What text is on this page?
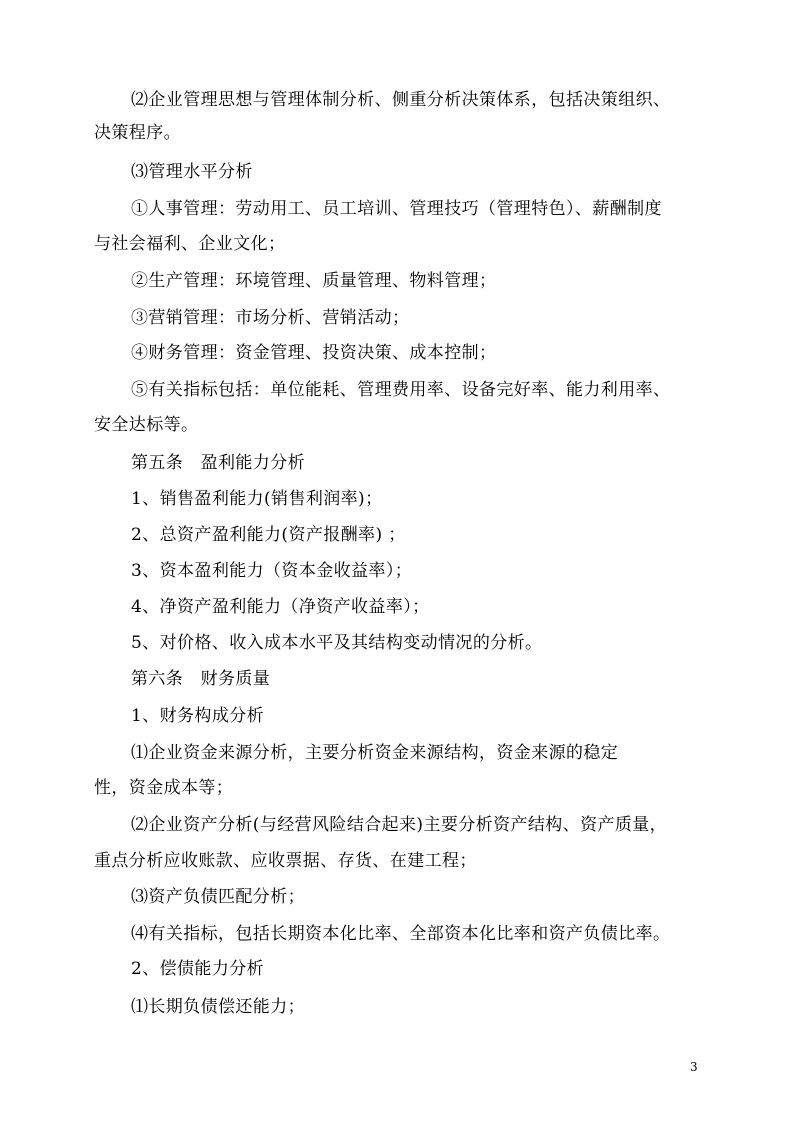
⑵企业管理思想与管理体制分析、侧重分析决策体系，包括决策组织、
决策程序。
⑶管理水平分析
①人事管理：劳动用工、员工培训、管理技巧（管理特色）、薪酬制度
与社会福利、企业文化；
②生产管理：环境管理、质量管理、物料管理；
③营销管理：市场分析、营销活动；
④财务管理：资金管理、投资决策、成本控制；
⑤有关指标包括：单位能耗、管理费用率、设备完好率、能力利用率、
安全达标等。
第五条　盈利能力分析
1、销售盈利能力(销售利润率)；
2、总资产盈利能力(资产报酬率) ；
3、资本盈利能力（资本金收益率）；
4、净资产盈利能力（净资产收益率）；
5、对价格、收入成本水平及其结构变动情况的分析。
第六条　财务质量
1、财务构成分析
⑴企业资金来源分析，主要分析资金来源结构，资金来源的稳定
性，资金成本等；
⑵企业资产分析(与经营风险结合起来)主要分析资产结构、资产质量，
重点分析应收账款、应收票据、存货、在建工程；
⑶资产负债匹配分析；
⑷有关指标，包括长期资本化比率、全部资本化比率和资产负债比率。
2、偿债能力分析
⑴长期负债偿还能力；
3
